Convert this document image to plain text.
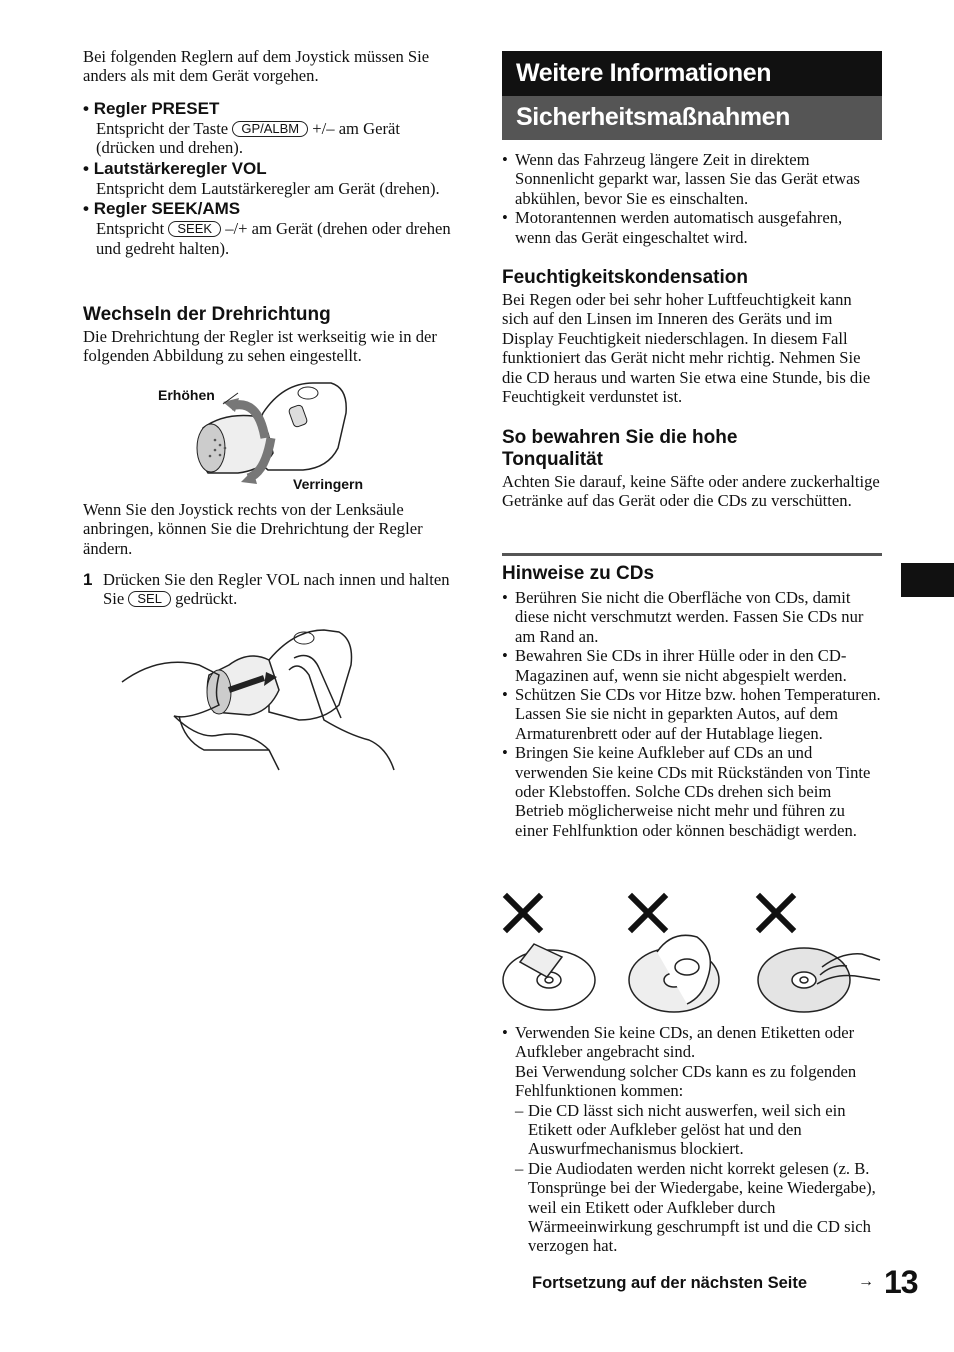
Bei folgenden Reglern auf dem Joystick müssen Sie anders als mit dem Gerät vorgehen.

• Regler PRESET

Entspricht der Taste GP/ALBM +/– am Gerät (drücken und drehen).

• Lautstärkeregler VOL

Entspricht dem Lautstärkeregler am Gerät (drehen).

• Regler SEEK/AMS

Entspricht SEEK –/+ am Gerät (drehen oder drehen und gedreht halten).

Wechseln der Drehrichtung

Die Drehrichtung der Regler ist werkseitig wie in der folgenden Abbildung zu sehen eingestellt.

Erhöhen
Verringern

Wenn Sie den Joystick rechts von der Lenksäule anbringen, können Sie die Drehrichtung der Regler ändern.

1 Drücken Sie den Regler VOL nach innen und halten Sie SEL gedrückt.

Weitere Informationen
Sicherheitsmaßnahmen

• Wenn das Fahrzeug längere Zeit in direktem Sonnenlicht geparkt war, lassen Sie das Gerät etwas abkühlen, bevor Sie es einschalten.

• Motorantennen werden automatisch ausgefahren, wenn das Gerät eingeschaltet wird.

Feuchtigkeitskondensation

Bei Regen oder bei sehr hoher Luftfeuchtigkeit kann sich auf den Linsen im Inneren des Geräts und im Display Feuchtigkeit niederschlagen. In diesem Fall funktioniert das Gerät nicht mehr richtig. Nehmen Sie die CD heraus und warten Sie etwa eine Stunde, bis die Feuchtigkeit verdunstet ist.

So bewahren Sie die hohe Tonqualität

Achten Sie darauf, keine Säfte oder andere zuckerhaltige Getränke auf das Gerät oder die CDs zu verschütten.

Hinweise zu CDs

• Berühren Sie nicht die Oberfläche von CDs, damit diese nicht verschmutzt werden. Fassen Sie CDs nur am Rand an.

• Bewahren Sie CDs in ihrer Hülle oder in den CD-Magazinen auf, wenn sie nicht abgespielt werden.

• Schützen Sie CDs vor Hitze bzw. hohen Temperaturen. Lassen Sie sie nicht in geparkten Autos, auf dem Armaturenbrett oder auf der Hutablage liegen.

• Bringen Sie keine Aufkleber auf CDs an und verwenden Sie keine CDs mit Rückständen von Tinte oder Klebstoffen. Solche CDs drehen sich beim Betrieb möglicherweise nicht mehr und führen zu einer Fehlfunktion oder können beschädigt werden.

• Verwenden Sie keine CDs, an denen Etiketten oder Aufkleber angebracht sind.

Bei Verwendung solcher CDs kann es zu folgenden Fehlfunktionen kommen:

– Die CD lässt sich nicht auswerfen, weil sich ein Etikett oder Aufkleber gelöst hat und den Auswurfmechanismus blockiert.

– Die Audiodaten werden nicht korrekt gelesen (z. B. Tonsprünge bei der Wiedergabe, keine Wiedergabe), weil ein Etikett oder Aufkleber durch Wärmeeinwirkung geschrumpft ist und die CD sich verzogen hat.

Fortsetzung auf der nächsten Seite	→ 13
